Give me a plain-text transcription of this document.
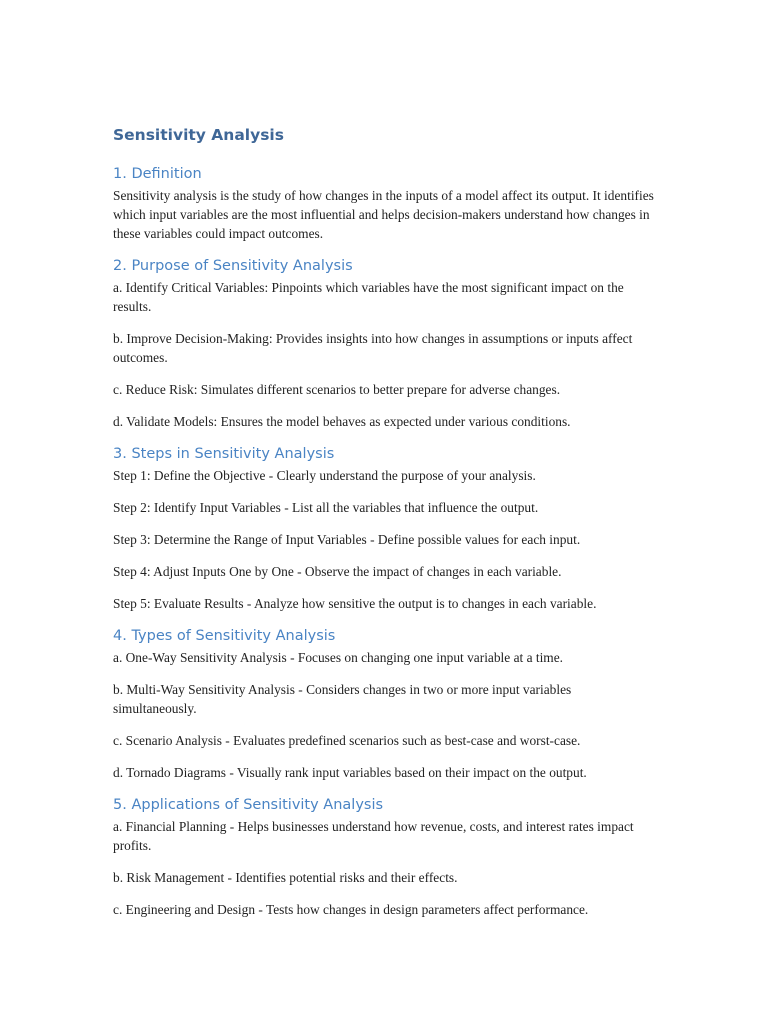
Sensitivity Analysis
1. Definition

Sensitivity analysis is the study of how changes in the inputs of a model affect its output. It identifies which input variables are the most influential and helps decision-makers understand how changes in these variables could impact outcomes.

2. Purpose of Sensitivity Analysis

a. Identify Critical Variables: Pinpoints which variables have the most significant impact on the results.

b. Improve Decision-Making: Provides insights into how changes in assumptions or inputs affect outcomes.

c. Reduce Risk: Simulates different scenarios to better prepare for adverse changes.

d. Validate Models: Ensures the model behaves as expected under various conditions.

3. Steps in Sensitivity Analysis

Step 1: Define the Objective - Clearly understand the purpose of your analysis.

Step 2: Identify Input Variables - List all the variables that influence the output.

Step 3: Determine the Range of Input Variables - Define possible values for each input.

Step 4: Adjust Inputs One by One - Observe the impact of changes in each variable.

Step 5: Evaluate Results - Analyze how sensitive the output is to changes in each variable.

4. Types of Sensitivity Analysis

a. One-Way Sensitivity Analysis - Focuses on changing one input variable at a time.

b. Multi-Way Sensitivity Analysis - Considers changes in two or more input variables simultaneously.

c. Scenario Analysis - Evaluates predefined scenarios such as best-case and worst-case.

d. Tornado Diagrams - Visually rank input variables based on their impact on the output.

5. Applications of Sensitivity Analysis

a. Financial Planning - Helps businesses understand how revenue, costs, and interest rates impact profits.

b. Risk Management - Identifies potential risks and their effects.

c. Engineering and Design - Tests how changes in design parameters affect performance.
